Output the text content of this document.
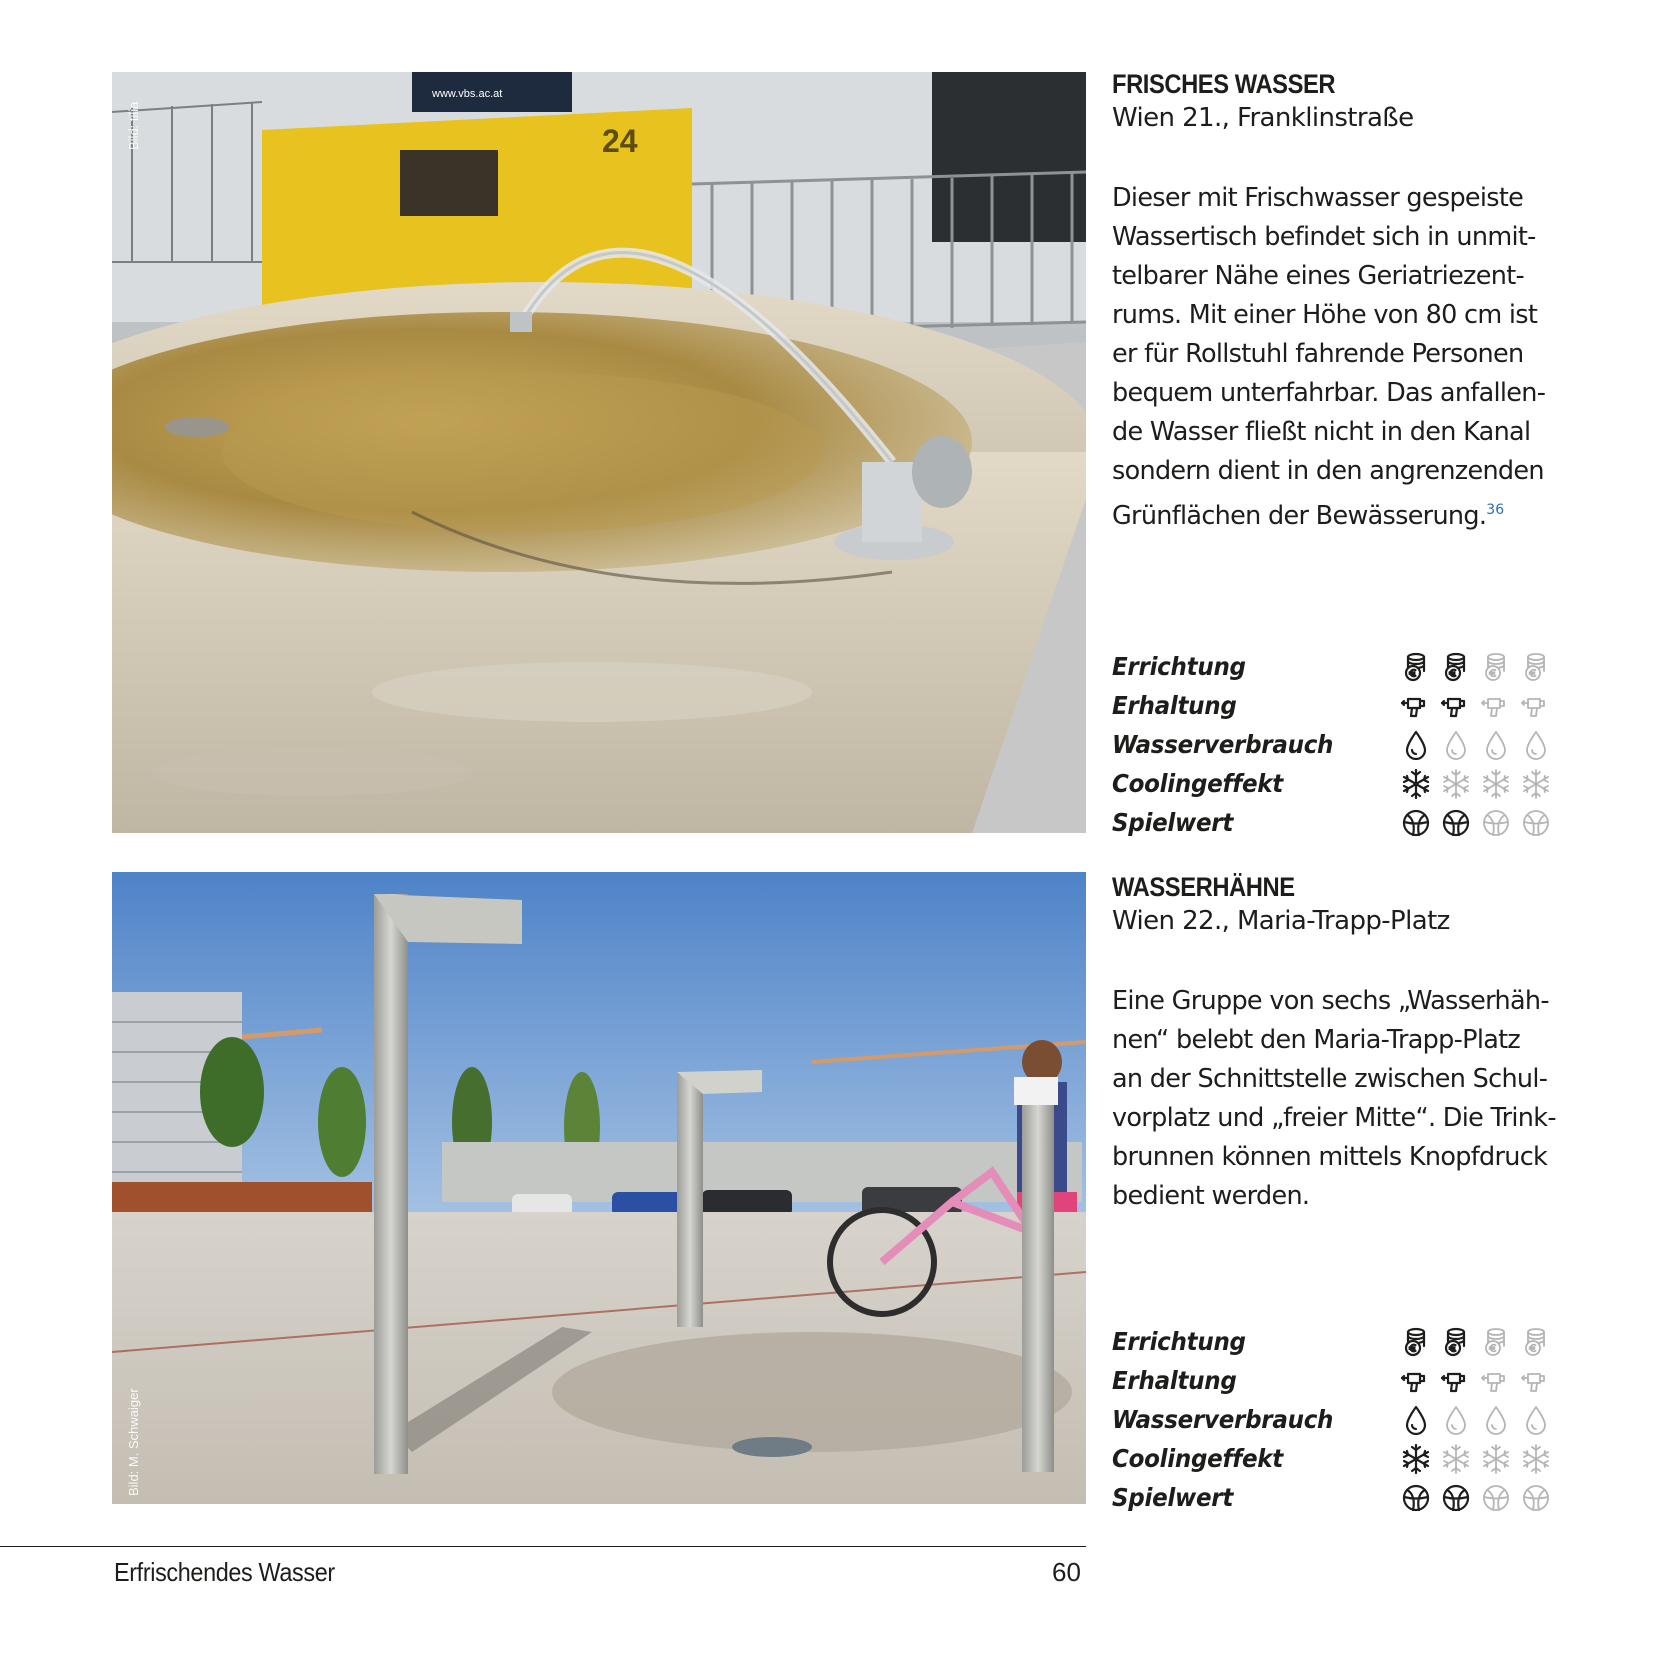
www.vbs.ac.at
24
Bild: tilia
Bild: M. Schwaiger
FRISCHES WASSER

Wien 21., Franklinstraße

Dieser mit Frischwasser gespeiste
Wassertisch befindet sich in unmit-
telbarer Nähe eines Geriatriezent-
rums. Mit einer Höhe von 80 cm ist
er für Rollstuhl fahrende Personen
bequem unterfahrbar. Das anfallen-
de Wasser fließt nicht in den Kanal
sondern dient in den angrenzenden
Grünflächen der Bewässerung.$^{36}$
Errichtung
Erhaltung
Wasserverbrauch
Coolingeffekt
Spielwert
WASSERHÄHNE

Wien 22., Maria-Trapp-Platz

Eine Gruppe von sechs „Wasserhäh-
nen“ belebt den Maria-Trapp-Platz
an der Schnittstelle zwischen Schul-
vorplatz und „freier Mitte“. Die Trink-
brunnen können mittels Knopfdruck
bedient werden.
Errichtung
Erhaltung
Wasserverbrauch
Coolingeffekt
Spielwert
Erfrischendes Wasser	60
